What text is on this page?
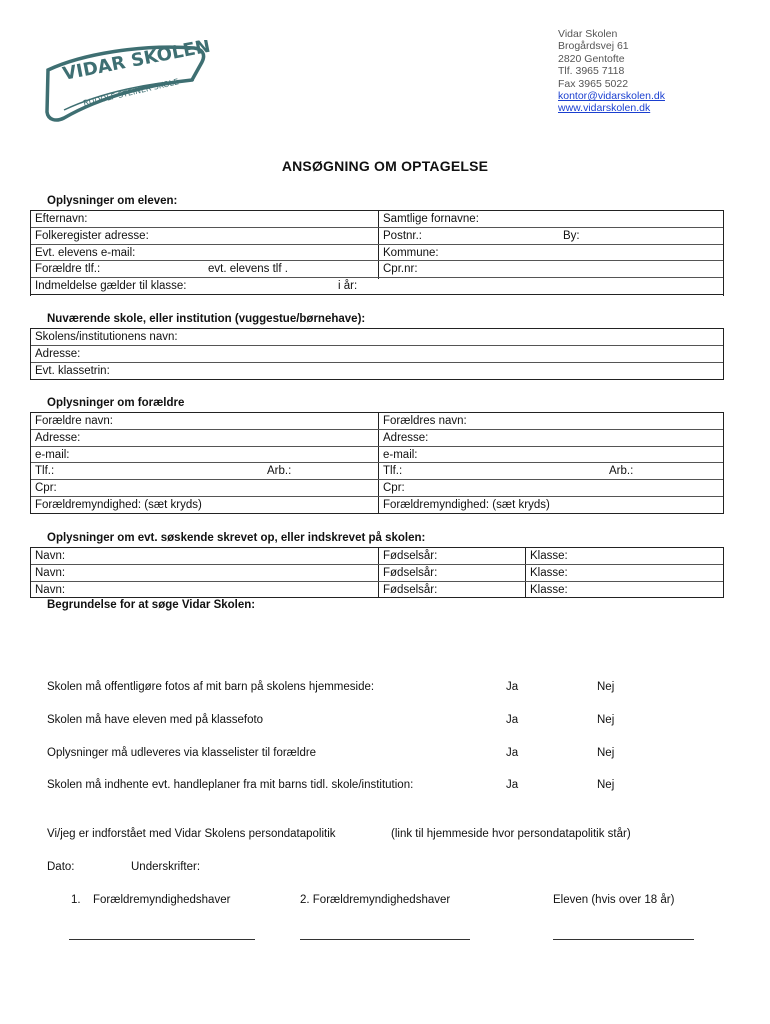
VIDAR SKOLEN
RUDOLF STEINER SKOLE
Vidar Skolen
Brogårdsvej 61
2820 Gentofte
Tlf. 3965 7118
Fax 3965 5022
kontor@vidarskolen.dk
www.vidarskolen.dk
ANSØGNING OM OPTAGELSE
Oplysninger om eleven:
Efternavn:	Samtlige fornavne:
Folkeregister adresse:	Postnr.:	By:
Evt. elevens e-mail:	Kommune:
Forældre tlf.:	evt. elevens tlf .	Cpr.nr:
Indmeldelse gælder til klasse:	i år:
Nuværende skole, eller institution (vuggestue/børnehave):
Skolens/institutionens navn:
Adresse:
Evt. klassetrin:
Oplysninger om forældre
Forældre navn:	Forældres navn:
Adresse:	Adresse:
e-mail:	e-mail:
Tlf.:	Arb.:	Tlf.:	Arb.:
Cpr:	Cpr:
Forældremyndighed: (sæt kryds)	Forældremyndighed: (sæt kryds)
Oplysninger om evt. søskende skrevet op, eller indskrevet på skolen:
Navn:	Fødselsår:	Klasse:
Navn:	Fødselsår:	Klasse:
Navn:	Fødselsår:	Klasse:
Begrundelse for at søge Vidar Skolen:
Skolen må offentligøre fotos af mit barn på skolens hjemmeside:	Ja	Nej
Skolen må have eleven med på klassefoto	Ja	Nej
Oplysninger må udleveres via klasselister til forældre	Ja	Nej
Skolen må indhente evt. handleplaner fra mit barns tidl. skole/institution:	Ja	Nej
Vi/jeg er indforstået med Vidar Skolens persondatapolitik	(link til hjemmeside hvor persondatapolitik står)
Dato:	Underskrifter:
1. Forældremyndighedshaver	2. Forældremyndighedshaver	Eleven (hvis over 18 år)
